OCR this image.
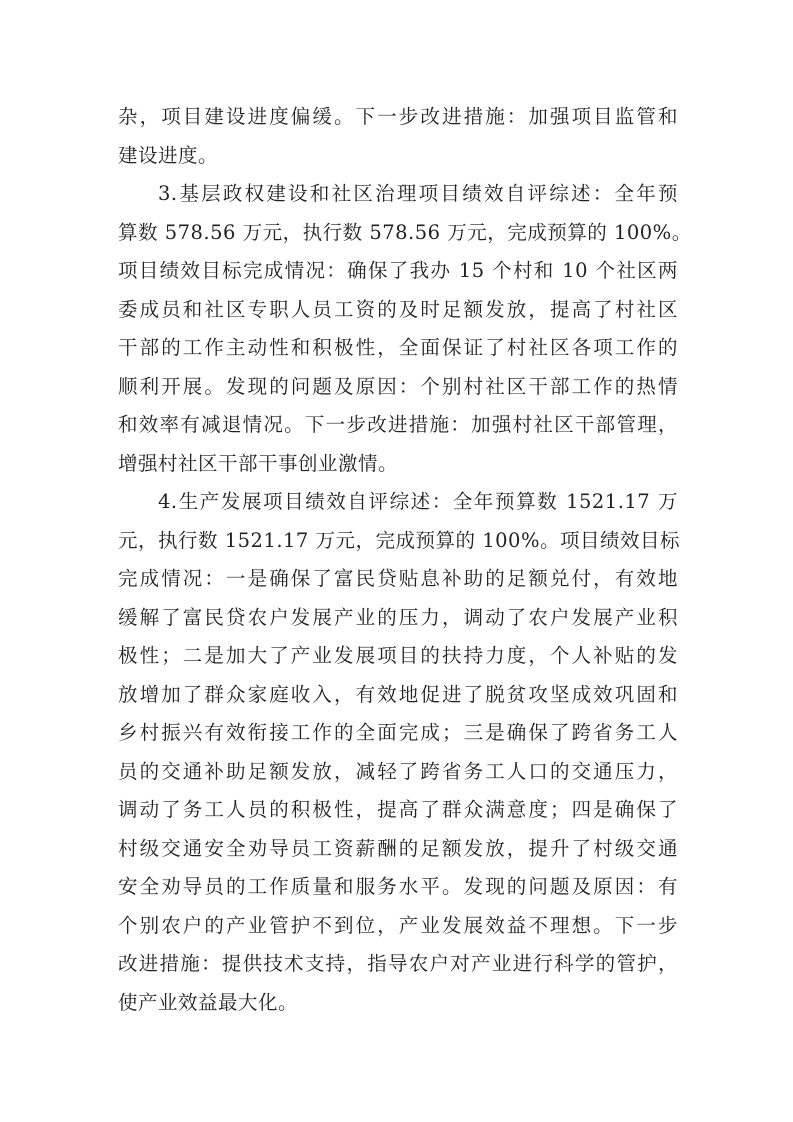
杂，项目建设进度偏缓。下一步改进措施：加强项目监管和
建设进度。
3.基层政权建设和社区治理项目绩效自评综述：全年预
算数 578.56 万元，执行数 578.56 万元，完成预算的 100%。
项目绩效目标完成情况：确保了我办 15 个村和 10 个社区两
委成员和社区专职人员工资的及时足额发放，提高了村社区
干部的工作主动性和积极性，全面保证了村社区各项工作的
顺利开展。发现的问题及原因：个别村社区干部工作的热情
和效率有减退情况。下一步改进措施：加强村社区干部管理，
增强村社区干部干事创业激情。
4.生产发展项目绩效自评综述：全年预算数 1521.17 万
元，执行数 1521.17 万元，完成预算的 100%。项目绩效目标
完成情况：一是确保了富民贷贴息补助的足额兑付，有效地
缓解了富民贷农户发展产业的压力，调动了农户发展产业积
极性；二是加大了产业发展项目的扶持力度，个人补贴的发
放增加了群众家庭收入，有效地促进了脱贫攻坚成效巩固和
乡村振兴有效衔接工作的全面完成；三是确保了跨省务工人
员的交通补助足额发放，减轻了跨省务工人口的交通压力，
调动了务工人员的积极性，提高了群众满意度；四是确保了
村级交通安全劝导员工资薪酬的足额发放，提升了村级交通
安全劝导员的工作质量和服务水平。发现的问题及原因：有
个别农户的产业管护不到位，产业发展效益不理想。下一步
改进措施：提供技术支持，指导农户对产业进行科学的管护，
使产业效益最大化。
